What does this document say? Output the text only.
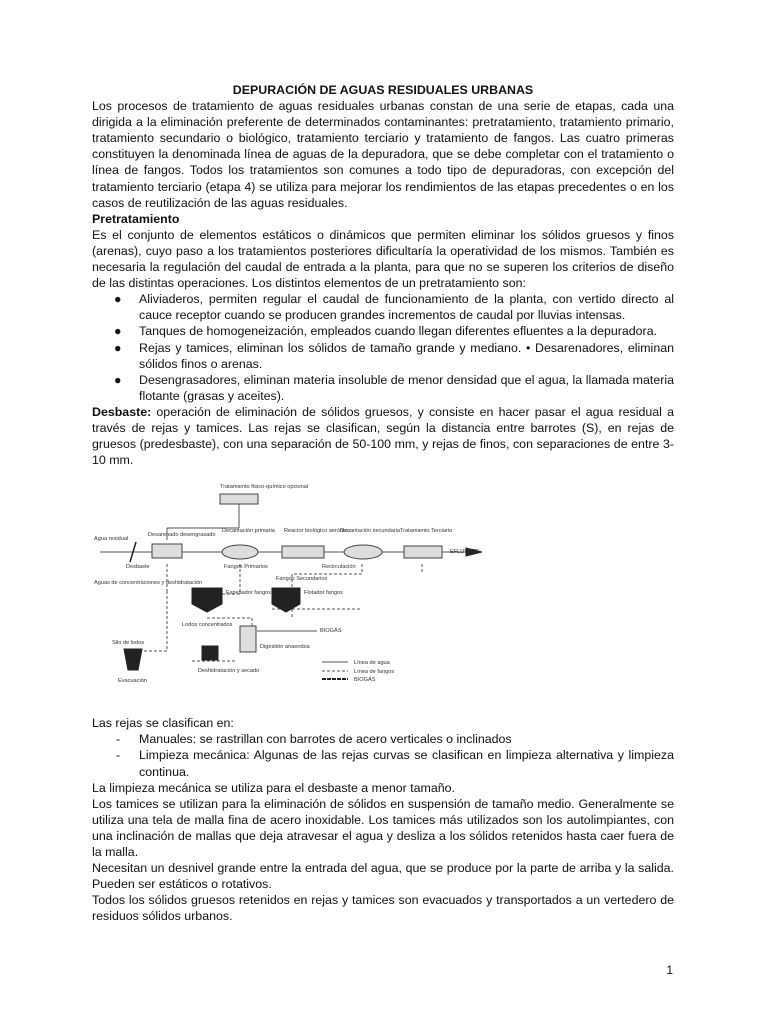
DEPURACIÓN DE AGUAS RESIDUALES URBANAS

Los procesos de tratamiento de aguas residuales urbanas constan de una serie de etapas, cada una dirigida a la eliminación preferente de determinados contaminantes: pretratamiento, tratamiento primario, tratamiento secundario o biológico, tratamiento terciario y tratamiento de fangos. Las cuatro primeras constituyen la denominada línea de aguas de la depuradora, que se debe completar con el tratamiento o línea de fangos. Todos los tratamientos son comunes a todo tipo de depuradoras, con excepción del tratamiento terciario (etapa 4) se utiliza para mejorar los rendimientos de las etapas precedentes o en los casos de reutilización de las aguas residuales.

Pretratamiento

Es el conjunto de elementos estáticos o dinámicos que permiten eliminar los sólidos gruesos y finos (arenas), cuyo paso a los tratamientos posteriores dificultaría la operatividad de los mismos. También es necesaria la regulación del caudal de entrada a la planta, para que no se superen los criterios de diseño de las distintas operaciones. Los distintos elementos de un pretratamiento son:

● Aliviaderos, permiten regular el caudal de funcionamiento de la planta, con vertido directo al cauce receptor cuando se producen grandes incrementos de caudal por lluvias intensas.
● Tanques de homogeneización, empleados cuando llegan diferentes efluentes a la depuradora.
● Rejas y tamices, eliminan los sólidos de tamaño grande y mediano. • Desarenadores, eliminan sólidos finos o arenas.
● Desengrasadores, eliminan materia insoluble de menor densidad que el agua, la llamada materia flotante (grasas y aceites).

Desbaste: operación de eliminación de sólidos gruesos, y consiste en hacer pasar el agua residual a través de rejas y tamices. Las rejas se clasifican, según la distancia entre barrotes (S), en rejas de gruesos (predesbaste), con una separación de 50-100 mm, y rejas de finos, con separaciones de entre 3-10 mm.

Tratamiento físico-químico opcional
Desarenado desengrasado
Decantación primaria Reactor biológico aeróbico
Decantación secundaria Tratamiento Terciario
EFLUENTE
Agua residual
Desbaste	Fangos Primarios	Recirculación
Fangos Secundarios
Aguas de concentraciones y deshidratación
Espesador fangos	Flotador fangos
Lodos concentrados
BIOGÁS
Digestión anaerobia
Silo de lodos
Deshidratación y secado
Evacuación
Línea de agua
Línea de fangos
BIOGÁS

Las rejas se clasifican en:

- Manuales: se rastrillan con barrotes de acero verticales o inclinados
- Limpieza mecánica: Algunas de las rejas curvas se clasifican en limpieza alternativa y limpieza continua.

La limpieza mecánica se utiliza para el desbaste a menor tamaño.

Los tamices se utilizan para la eliminación de sólidos en suspensión de tamaño medio. Generalmente se utiliza una tela de malla fina de acero inoxidable. Los tamices más utilizados son los autolimpiantes, con una inclinación de mallas que deja atravesar el agua y desliza a los sólidos retenidos hasta caer fuera de la malla.

Necesitan un desnivel grande entre la entrada del agua, que se produce por la parte de arriba y la salida. Pueden ser estáticos o rotativos.

Todos los sólidos gruesos retenidos en rejas y tamices son evacuados y transportados a un vertedero de residuos sólidos urbanos.

1
